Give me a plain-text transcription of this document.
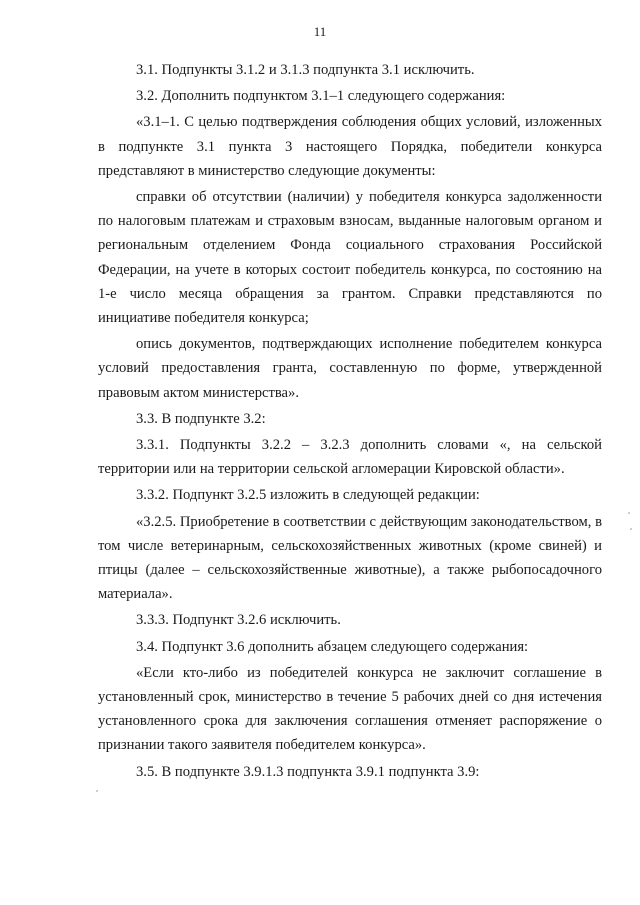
11

3.1. Подпункты 3.1.2 и 3.1.3 подпункта 3.1 исключить.

3.2. Дополнить подпунктом 3.1–1 следующего содержания:

«3.1–1. С целью подтверждения соблюдения общих условий, изложенных в подпункте 3.1 пункта 3 настоящего Порядка, победители конкурса представляют в министерство следующие документы:

справки об отсутствии (наличии) у победителя конкурса задолженности по налоговым платежам и страховым взносам, выданные налоговым органом и региональным отделением Фонда социального страхования Российской Федерации, на учете в которых состоит победитель конкурса, по состоянию на 1-е число месяца обращения за грантом. Справки представляются по инициативе победителя конкурса;

опись документов, подтверждающих исполнение победителем конкурса условий предоставления гранта, составленную по форме, утвержденной правовым актом министерства».

3.3. В подпункте 3.2:

3.3.1. Подпункты 3.2.2 – 3.2.3 дополнить словами «, на сельской территории или на территории сельской агломерации Кировской области».

3.3.2. Подпункт 3.2.5 изложить в следующей редакции:

«3.2.5. Приобретение в соответствии с действующим законодательством, в том числе ветеринарным, сельскохозяйственных животных (кроме свиней) и птицы (далее – сельскохозяйственные животные), а также рыбопосадочного материала».

3.3.3. Подпункт 3.2.6 исключить.

3.4. Подпункт 3.6 дополнить абзацем следующего содержания:

«Если кто-либо из победителей конкурса не заключит соглашение в установленный срок, министерство в течение 5 рабочих дней со дня истечения установленного срока для заключения соглашения отменяет распоряжение о признании такого заявителя победителем конкурса».

3.5. В подпункте 3.9.1.3 подпункта 3.9.1 подпункта 3.9:
